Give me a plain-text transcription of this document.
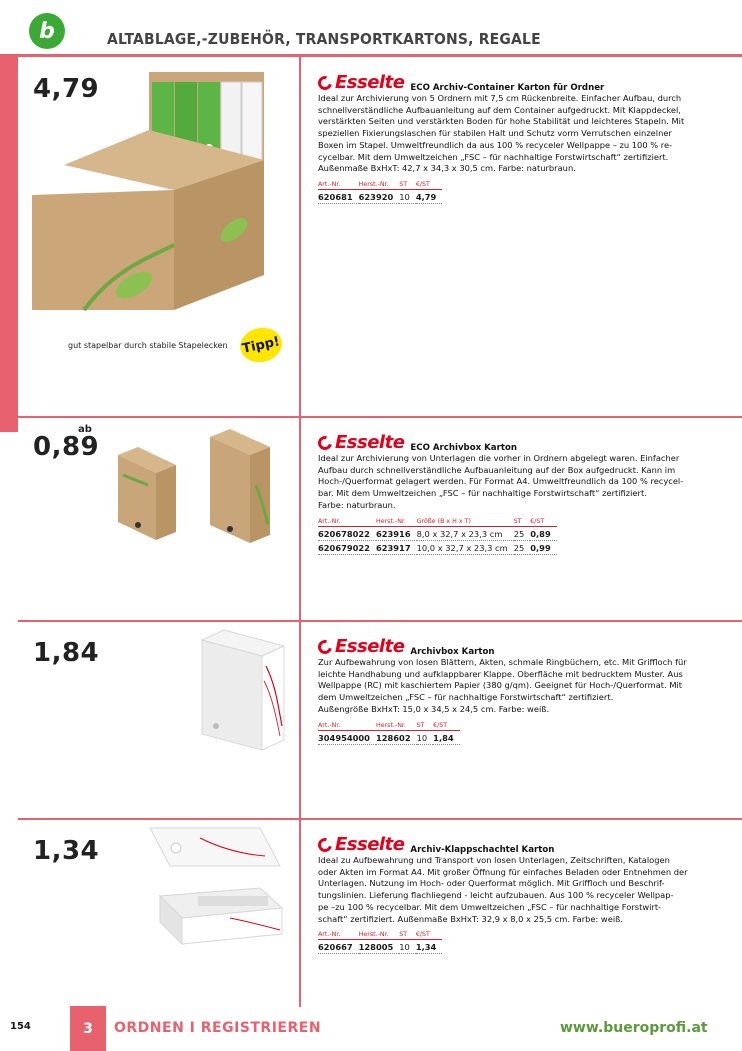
b	ALTABLAGE,-ZUBEHÖR, TRANSPORTKARTONS, REGALE
4,79
gut stapelbar durch stabile Stapelecken	Tipp!
Esselte ECO Archiv-Container Karton für Ordner
Ideal zur Archivierung von 5 Ordnern mit 7,5 cm Rückenbreite. Einfacher Aufbau, durch
schnellverständliche Aufbauanleitung auf dem Container aufgedruckt. Mit Klappdeckel,
verstärkten Seiten und verstärkten Boden für hohe Stabilität und leichteres Stapeln. Mit
speziellen Fixierungslaschen für stabilen Halt und Schutz vorm Verrutschen einzelner
Boxen im Stapel. Umweltfreundlich da aus 100 % recyceler Wellpappe – zu 100 % re-
cycelbar. Mit dem Umweltzeichen „FSC – für nachhaltige Forstwirtschaft“ zertifiziert.
Außenmaße BxHxT: 42,7 x 34,3 x 30,5 cm. Farbe: naturbraun.
Art.-Nr.	Herst.-Nr.	ST	€/ST
620681	623920	10	4,79
ab
0,89	Esselte ECO Archivbox Karton
Ideal zur Archivierung von Unterlagen die vorher in Ordnern abgelegt waren. Einfacher
Aufbau durch schnellverständliche Aufbauanleitung auf der Box aufgedruckt. Kann im
Hoch-/Querformat gelagert werden. Für Format A4. Umweltfreundlich da 100 % recycel-
bar. Mit dem Umweltzeichen „FSC – für nachhaltige Forstwirtschaft“ zertifiziert.
Farbe: naturbraun.
Art.-Nr.	Herst.-Nr.	Größe (B x H x T)	ST	€/ST
620678022	623916	8,0 x 32,7 x 23,3 cm	25	0,89
620679022	623917	10,0 x 32,7 x 23,3 cm	25	0,99
1,84	Esselte Archivbox Karton
Zur Aufbewahrung von losen Blättern, Akten, schmale Ringbüchern, etc. Mit Griffloch für
leichte Handhabung und aufklappbarer Klappe. Oberfläche mit bedrucktem Muster. Aus
Wellpappe (RC) mit kaschiertem Papier (380 g/qm). Geeignet für Hoch-/Querformat. Mit
dem Umweltzeichen „FSC – für nachhaltige Forstwirtschaft“ zertifiziert.
Außengröße BxHxT: 15,0 x 34,5 x 24,5 cm. Farbe: weiß.
Art.-Nr.	Herst.-Nr.	ST	€/ST
304954000	128602	10	1,84
1,34	Esselte Archiv-Klappschachtel Karton
Ideal zu Aufbewahrung und Transport von losen Unterlagen, Zeitschriften, Katalogen
oder Akten im Format A4. Mit großer Öffnung für einfaches Beladen oder Entnehmen der
Unterlagen. Nutzung im Hoch- oder Querformat möglich. Mit Griffloch und Beschrif-
tungslinien. Lieferung flachliegend - leicht aufzubauen. Aus 100 % recyceler Wellpap-
pe –zu 100 % recycelbar. Mit dem Umweltzeichen „FSC – für nachhaltige Forstwirt-
schaft“ zertifiziert. Außenmaße BxHxT: 32,9 x 8,0 x 25,5 cm. Farbe: weiß.
Art.-Nr.	Herst.-Nr.	ST	€/ST
620667	128005	10	1,34
154	3	ORDNEN I REGISTRIEREN	www.bueroprofi.at
